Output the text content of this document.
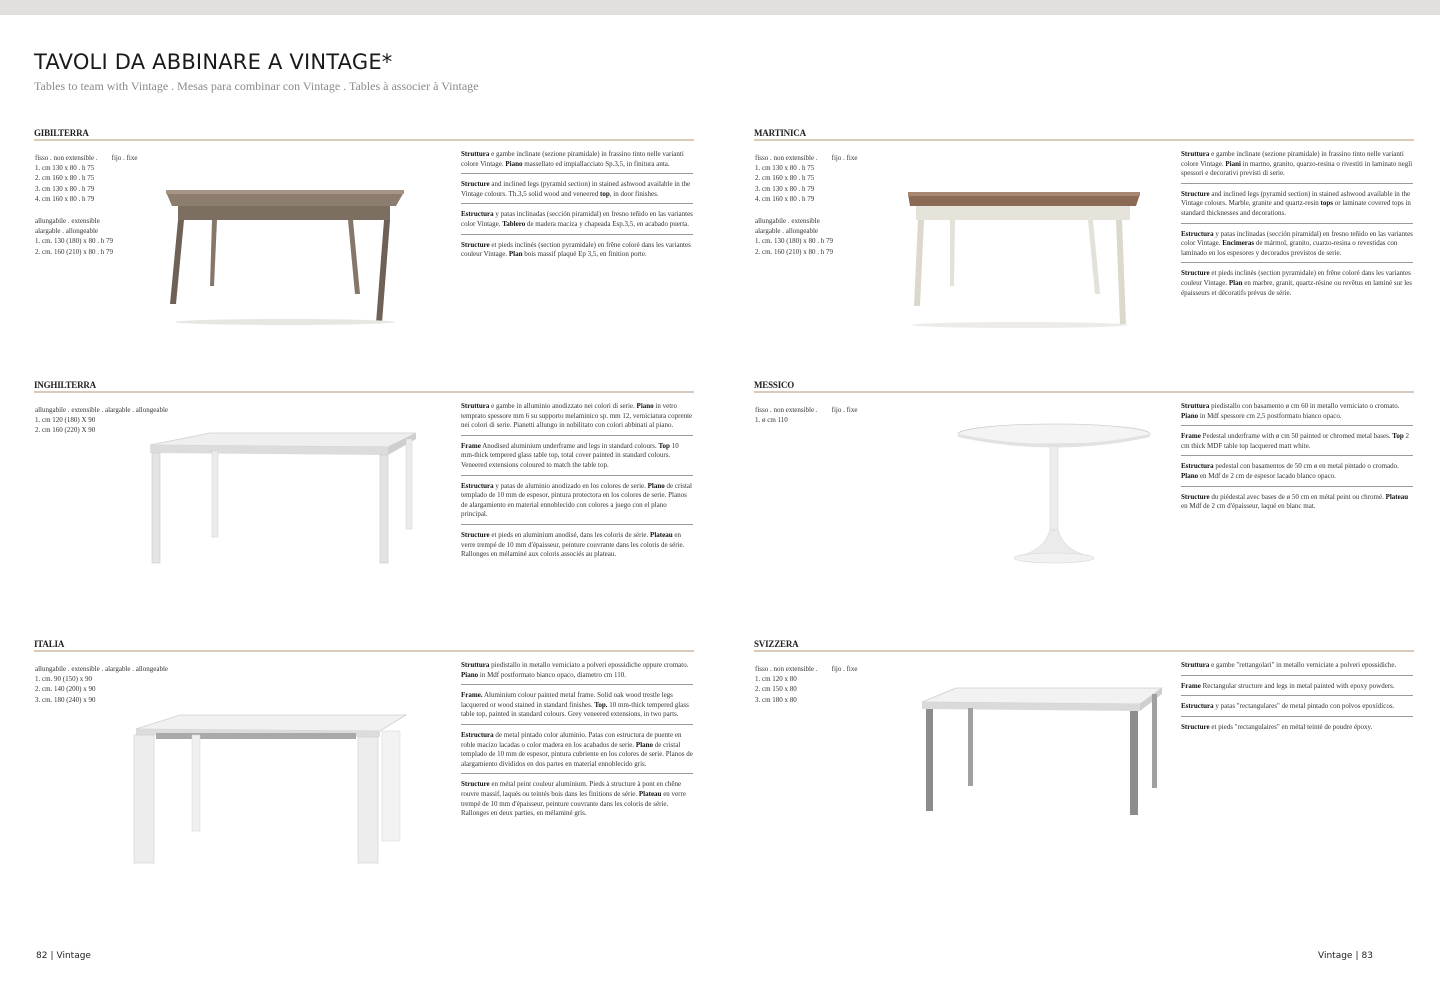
TAVOLI DA ABBINARE A VINTAGE*
Tables to team with Vintage . Mesas para combinar con Vintage . Tables à associer à Vintage
GIBILTERRA
fisso . non extensible . fijo . fixe
1. cm 130 x 80 . h 75
2. cm 160 x 80 . h 75
3. cm 130 x 80 . h 79
4. cm 160 x 80 . h 79
allungabile . extensible
alargable . allongeable
1. cm. 130 (180) x 80 . h 79
2. cm. 160 (210) x 80 . h 79
Struttura e gambe inclinate (sezione piramidale) in frassino tinto nelle varianti colore Vintage. Piano massellato ed impiallacciato Sp.3,5, in finitura anta.
Structure and inclined legs (pyramid section) in stained ashwood available in the Vintage colours. Th.3,5 solid wood and veneered top, in door finishes.
Estructura y patas inclinadas (sección piramidal) en fresno teñido en las variantes color Vintage. Tablero de madera maciza y chapeada Esp.3,5, en acabado puerta.
Structure et pieds inclinés (section pyramidale) en frêne coloré dans les variantes couleur Vintage. Plan bois massif plaqué Ep 3,5, en finition porte.
MARTINICA
fisso . non extensible . fijo . fixe
1. cm 130 x 80 . h 75
2. cm 160 x 80 . h 75
3. cm 130 x 80 . h 79
4. cm 160 x 80 . h 79
allungabile . extensible
alargable . allongeable
1. cm. 130 (180) x 80 . h 79
2. cm. 160 (210) x 80 . h 79
Struttura e gambe inclinate (sezione piramidale) in frassino tinto nelle varianti colore Vintage. Piani in marmo, granito, quarzo-resina o rivestiti in laminato negli spessori e decorativi previsti di serie.
Structure and inclined legs (pyramid section) in stained ashwood available in the Vintage colours. Marble, granite and quartz-resin tops or laminate covered tops in standard thicknesses and decorations.
Estructura y patas inclinadas (sección piramidal) en fresno teñido en las variantes color Vintage. Encimeras de mármol, granito, cuarzo-resina o revestidas con laminado en los espesores y decorados previstos de serie.
Structure et pieds inclinés (section pyramidale) en frêne coloré dans les variantes couleur Vintage. Plan en marbre, granit, quartz-résine ou revêtus en laminé sur les épaisseurs et décoratifs prévus de série.
INGHILTERRA
allungabile . extensible . alargable . allongeable
1. cm 120 (180) X 90
2. cm 160 (220) X 90
Struttura e gambe in alluminio anodizzato nei colori di serie. Piano in vetro temprato spessore mm 6 su supporto melaminico sp. mm 12, verniciatura coprente nei colori di serie. Pianetti allungo in nobilitato con colori abbinati al piano.
Frame Anodised aluminium underframe and legs in standard colours. Top 10 mm-thick tempered glass table top, total cover painted in standard colours. Veneered extensions coloured to match the table top.
Estructura y patas de aluminio anodizado en los colores de serie. Plano de cristal templado de 10 mm de espesor, pintura protectora en los colores de serie. Planos de alargamiento en material ennoblecido con colores a juego con el plano principal.
Structure et pieds en aluminium anodisé, dans les coloris de série. Plateau en verre trempé de 10 mm d'épaisseur, peinture couvrante dans les coloris de série. Rallonges en mélaminé aux coloris associés au plateau.
MESSICO
fisso . non extensible . fijo . fixe
1. ø cm 110
Struttura piedistallo con basamento ø cm 60 in metallo verniciato o cromato. Piano in Mdf spessore cm 2,5 postformato bianco opaco.
Frame Pedestal underframe with ø cm 50 painted or chromed metal bases. Top 2 cm thick MDF table top lacquered matt white.
Estructura pedestal con basamentos de 50 cm ø en metal pintado o cromado. Plano en Mdf de 2 cm de espesor lacado blanco opaco.
Structure du piédestal avec bases de ø 50 cm en métal peint ou chromé. Plateau en Mdf de 2 cm d'épaisseur, laqué en blanc mat.
ITALIA
allungabile . extensible . alargable . allongeable
1. cm. 90 (150) x 90
2. cm. 140 (200) x 90
3. cm. 180 (240) x 90
Struttura piedistallo in metallo verniciato a polveri epossidiche oppure cromato. Piano in Mdf postformato bianco opaco, diametro cm 110.
Frame. Aluminium colour painted metal frame. Solid oak wood trestle legs lacquered or wood stained in standard finishes. Top. 10 mm-thick tempered glass table top, painted in standard colours. Grey veneered extensions, in two parts.
Estructura de metal pintado color aluminio. Patas con estructura de puente en roble macizo lacadas o color madera en los acabados de serie. Plano de cristal templado de 10 mm de espesor, pintura cubriente en los colores de serie. Planos de alargamiento divididos en dos partes en material ennoblecido gris.
Structure en métal peint couleur aluminium. Pieds à structure à pont en chêne rouvre massif, laqués ou teintés bois dans les finitions de série. Plateau en verre trempé de 10 mm d'épaisseur, peinture couvrante dans les coloris de série. Rallonges en deux parties, en mélaminé gris.
SVIZZERA
fisso . non extensible . fijo . fixe
1. cm 120 x 80
2. cm 150 x 80
3. cm 180 x 80
Struttura e gambe "rettangolari" in metallo verniciate a polveri epossidiche.
Frame Rectangular structure and legs in metal painted with epoxy powders.
Estructura y patas "rectangulares" de metal pintado con polvos epoxídicos.
Structure et pieds "rectangulaires" en métal teinté de poudre époxy.
82 | Vintage	Vintage | 83
